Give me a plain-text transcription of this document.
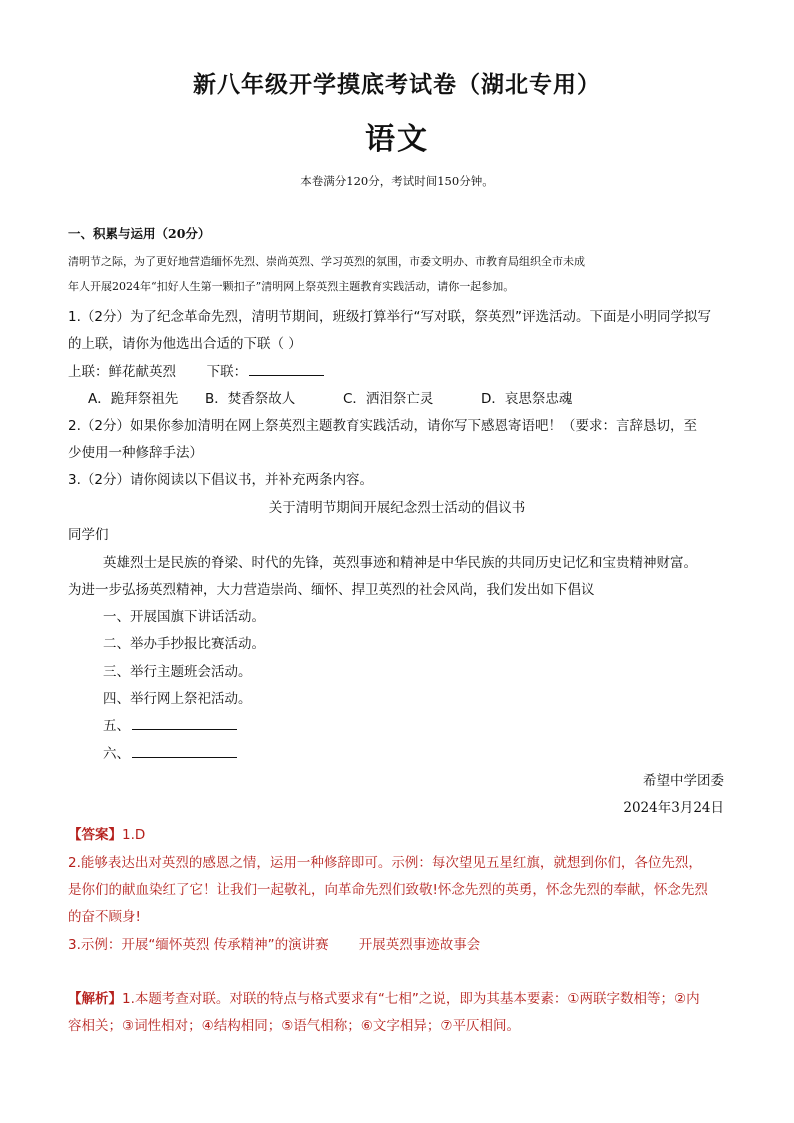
新八年级开学摸底考试卷（湖北专用）
语文
本卷满分120分，考试时间150分钟。
一、积累与运用（20分）
清明节之际，为了更好地营造缅怀先烈、崇尚英烈、学习英烈的氛围，市委文明办、市教育局组织全市未成
年人开展2024年“扣好人生第一颗扣子”清明网上祭英烈主题教育实践活动，请你一起参加。
1.（2分）为了纪念革命先烈，清明节期间，班级打算举行“写对联，祭英烈”评选活动。下面是小明同学拟写
的上联，请你为他选出合适的下联（ ）
上联：鲜花献英烈 下联：
A．跪拜祭祖先 B．焚香祭故人	C．洒泪祭亡灵	D．哀思祭忠魂
2.（2分）如果你参加清明在网上祭英烈主题教育实践活动，请你写下感恩寄语吧！（要求：言辞恳切，至
少使用一种修辞手法）
3.（2分）请你阅读以下倡议书，并补充两条内容。
关于清明节期间开展纪念烈士活动的倡议书
同学们
英雄烈士是民族的脊梁、时代的先锋，英烈事迹和精神是中华民族的共同历史记忆和宝贵精神财富。
为进一步弘扬英烈精神，大力营造崇尚、缅怀、捍卫英烈的社会风尚，我们发出如下倡议
一、开展国旗下讲话活动。
二、举办手抄报比赛活动。
三、举行主题班会活动。
四、举行网上祭祀活动。
五、
六、
希望中学团委
2024年3月24日
【答案】1.D
2.能够表达出对英烈的感恩之情，运用一种修辞即可。示例：每次望见五星红旗，就想到你们，各位先烈，
是你们的献血染红了它！让我们一起敬礼，向革命先烈们致敬!怀念先烈的英勇，怀念先烈的奉献，怀念先烈
的奋不顾身!
3.示例：开展“缅怀英烈 传承精神”的演讲赛       开展英烈事迹故事会
【解析】1.本题考查对联。对联的特点与格式要求有“七相”之说，即为其基本要素：①两联字数相等；②内
容相关；③词性相对；④结构相同；⑤语气相称；⑥文字相异；⑦平仄相间。
